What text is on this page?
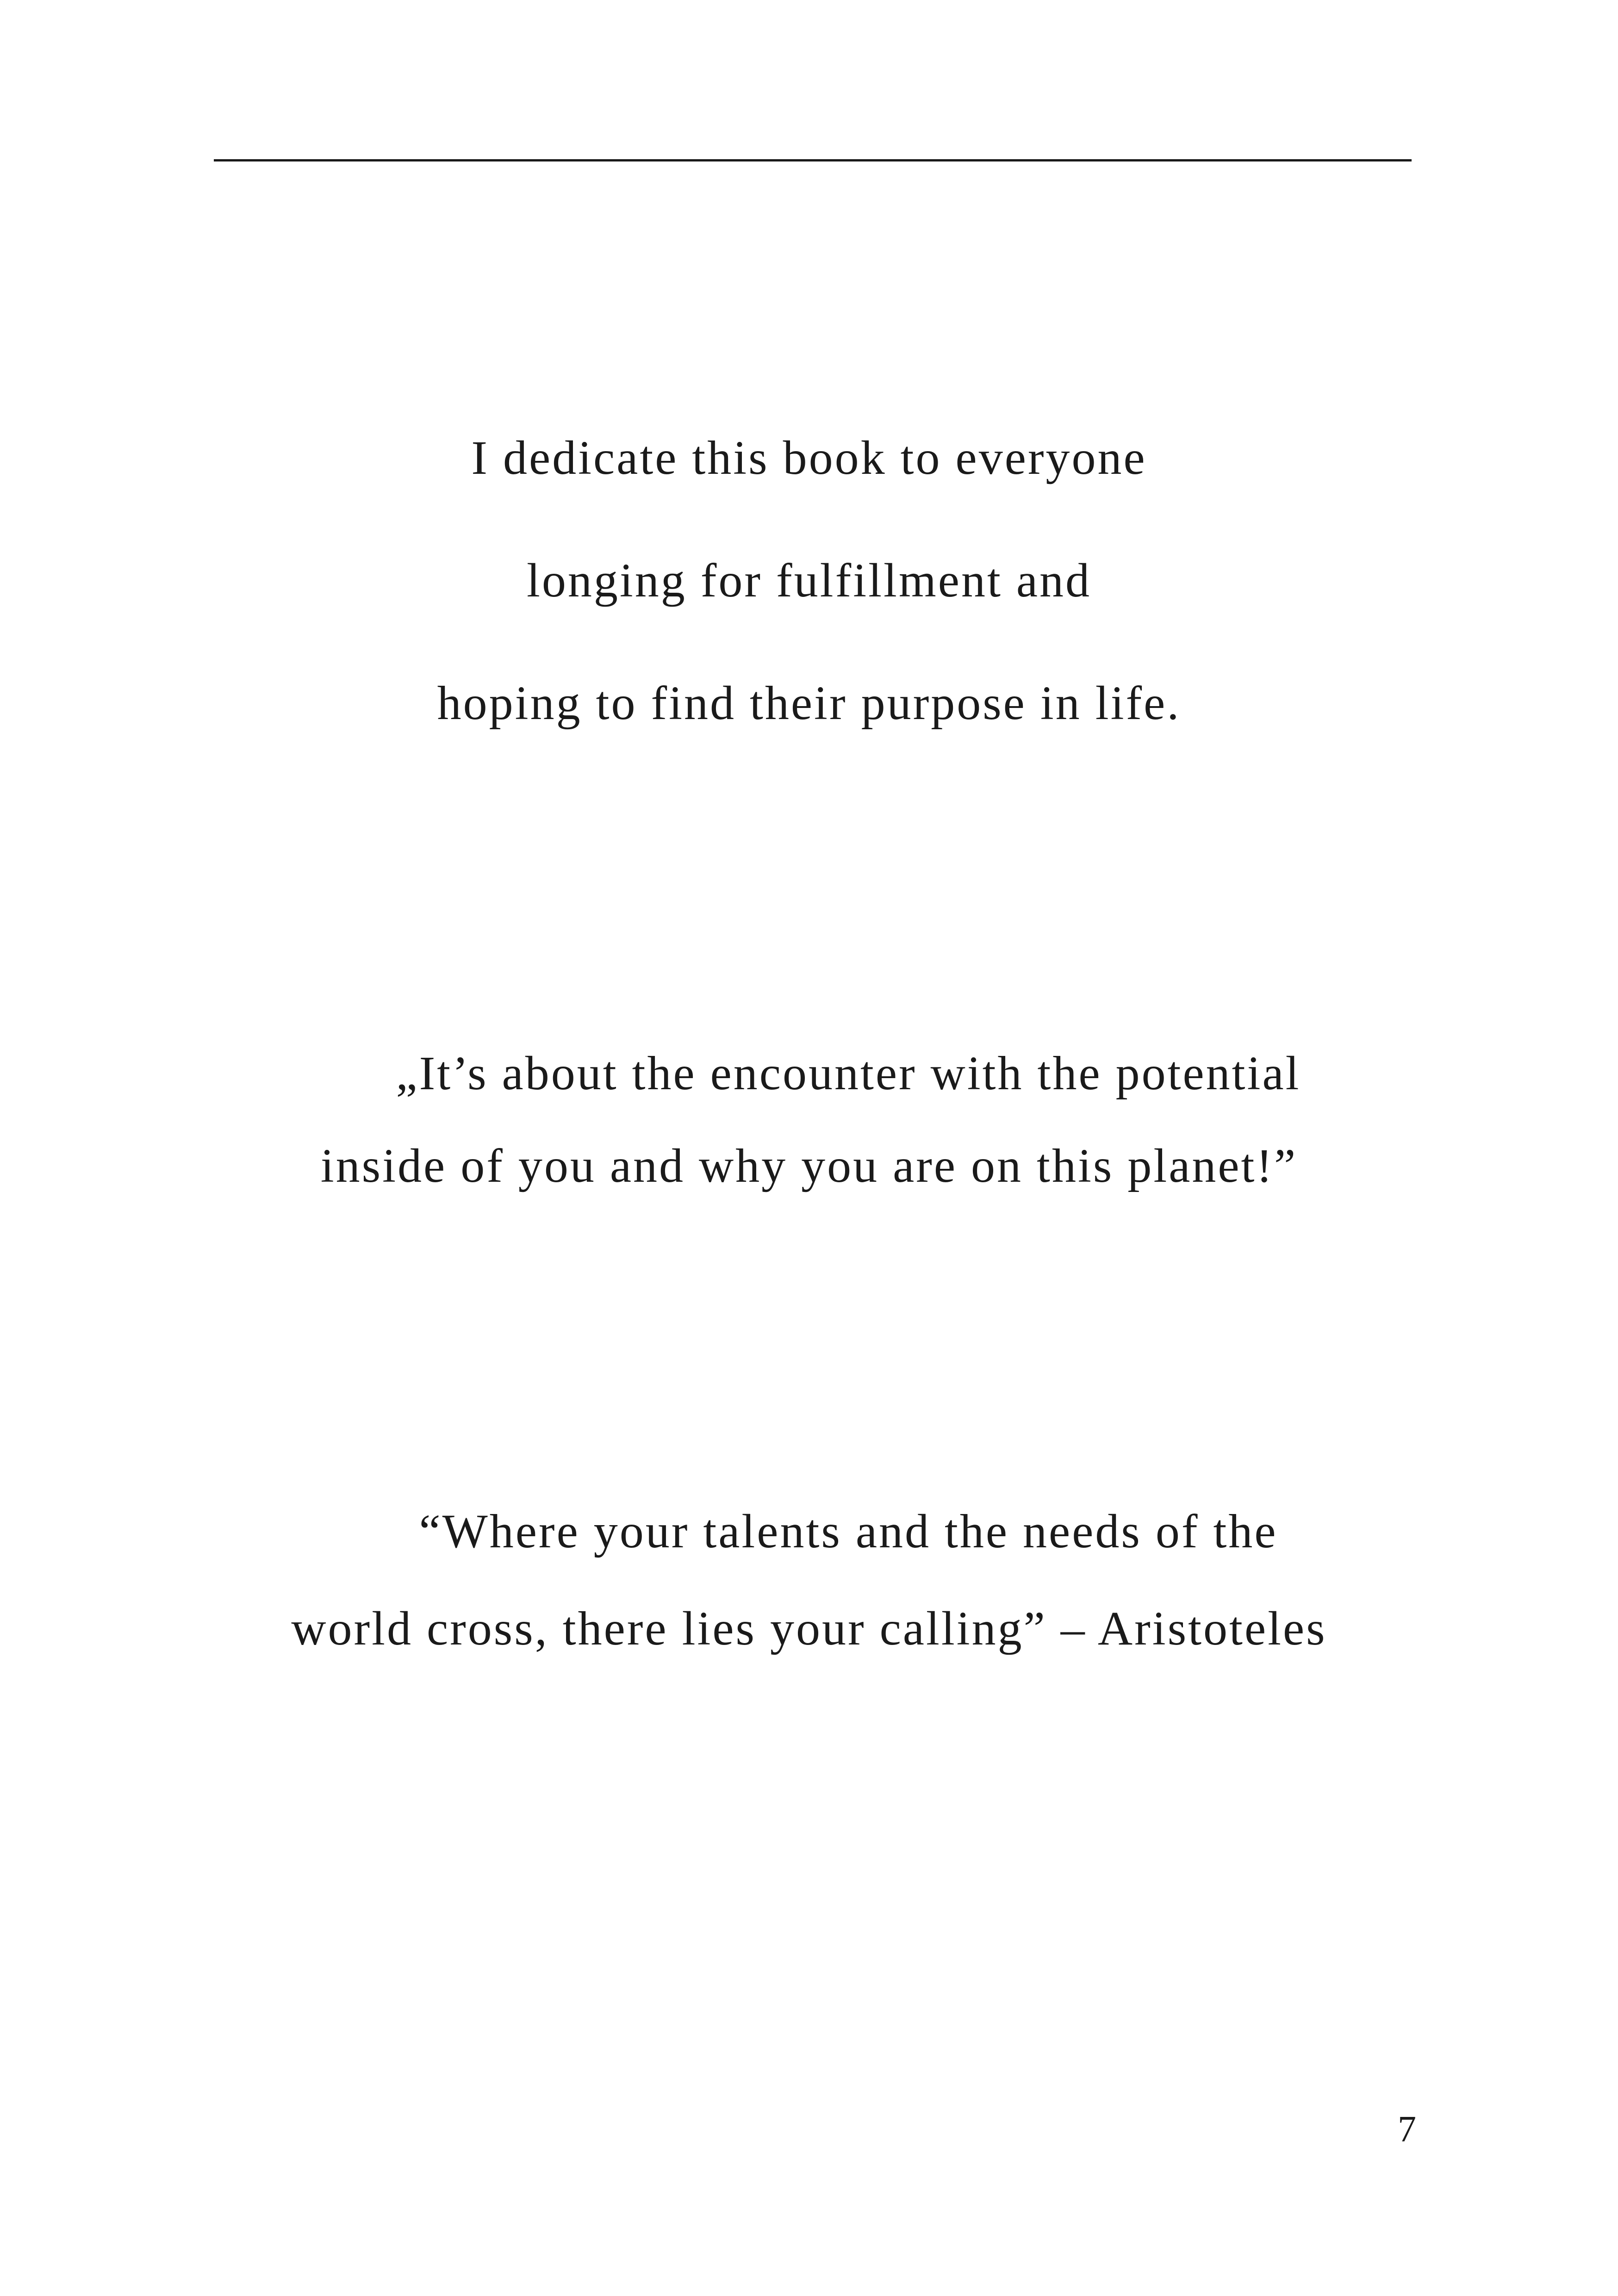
I dedicate this book to everyone
longing for fulfillment and
hoping to find their purpose in life.
„It’s about the encounter with the potential
inside of you and why you are on this planet!”
“Where your talents and the needs of the
world cross, there lies your calling” – Aristoteles
7
